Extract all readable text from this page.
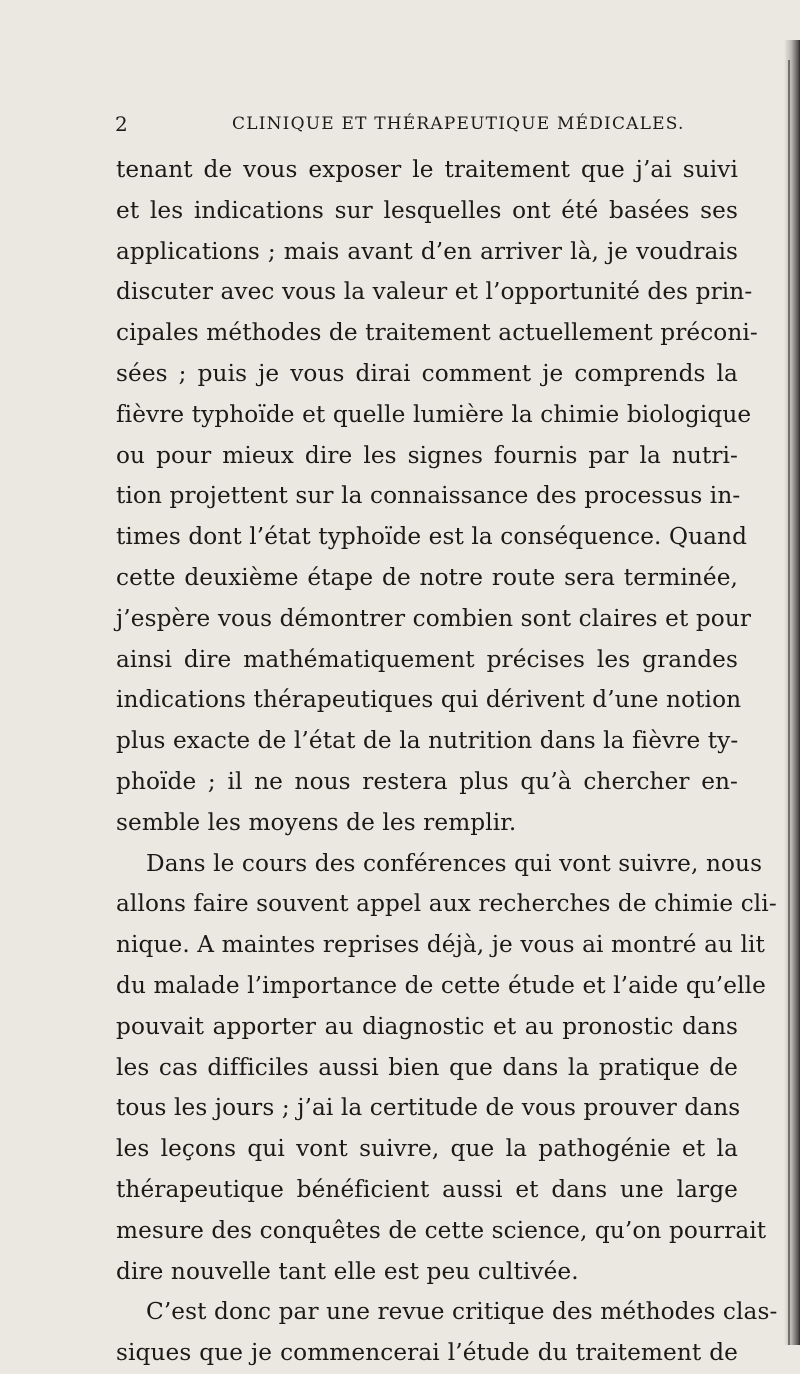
2	CLINIQUE ET THÉRAPEUTIQUE MÉDICALES.
tenant de vous exposer le traitement que j’ai suivi
et les indications sur lesquelles ont été basées ses
applications ; mais avant d’en arriver là, je voudrais
discuter avec vous la valeur et l’opportunité des prin-
cipales méthodes de traitement actuellement préconi-
sées ; puis je vous dirai comment je comprends la
fièvre typhoïde et quelle lumière la chimie biologique
ou pour mieux dire les signes fournis par la nutri-
tion projettent sur la connaissance des processus in-
times dont l’état typhoïde est la conséquence. Quand
cette deuxième étape de notre route sera terminée,
j’espère vous démontrer combien sont claires et pour
ainsi dire mathématiquement précises les grandes
indications thérapeutiques qui dérivent d’une notion
plus exacte de l’état de la nutrition dans la fièvre ty-
phoïde ; il ne nous restera plus qu’à chercher en-
semble les moyens de les remplir.
Dans le cours des conférences qui vont suivre, nous
allons faire souvent appel aux recherches de chimie cli-
nique. A maintes reprises déjà, je vous ai montré au lit
du malade l’importance de cette étude et l’aide qu’elle
pouvait apporter au diagnostic et au pronostic dans
les cas difficiles aussi bien que dans la pratique de
tous les jours ; j’ai la certitude de vous prouver dans
les leçons qui vont suivre, que la pathogénie et la
thérapeutique bénéficient aussi et dans une large
mesure des conquêtes de cette science, qu’on pourrait
dire nouvelle tant elle est peu cultivée.
C’est donc par une revue critique des méthodes clas-
siques que je commencerai l’étude du traitement de
